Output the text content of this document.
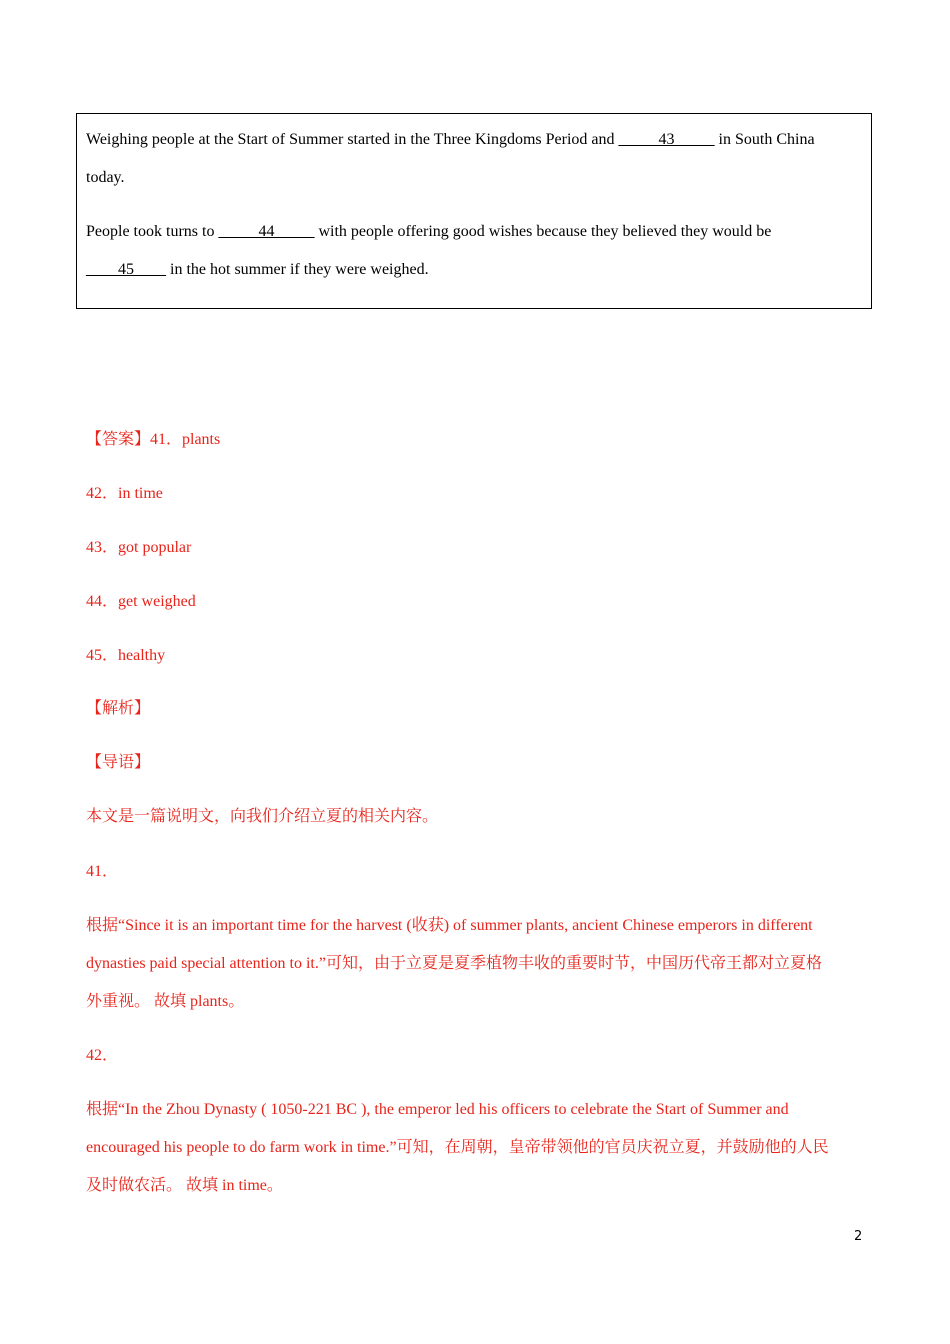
Weighing people at the Start of Summer started in the Three Kingdoms Period and _____43_____ in South China
today.
People took turns to _____44_____ with people offering good wishes because they believed they would be
____45____ in the hot summer if they were weighed.
【答案】41．plants
42．in time
43．got popular
44．get weighed
45．healthy
【解析】
【导语】
本文是一篇说明文，向我们介绍立夏的相关内容。
41．
根据“Since it is an important time for the harvest (收获) of summer plants, ancient Chinese emperors in different
dynasties paid special attention to it.”可知，由于立夏是夏季植物丰收的重要时节，中国历代帝王都对立夏格
外重视。 故填 plants。
42．
根据“In the Zhou Dynasty ( 1050-221 BC ), the emperor led his officers to celebrate the Start of Summer and
encouraged his people to do farm work in time.”可知，在周朝，皇帝带领他的官员庆祝立夏，并鼓励他的人民
及时做农活。 故填 in time。
2
